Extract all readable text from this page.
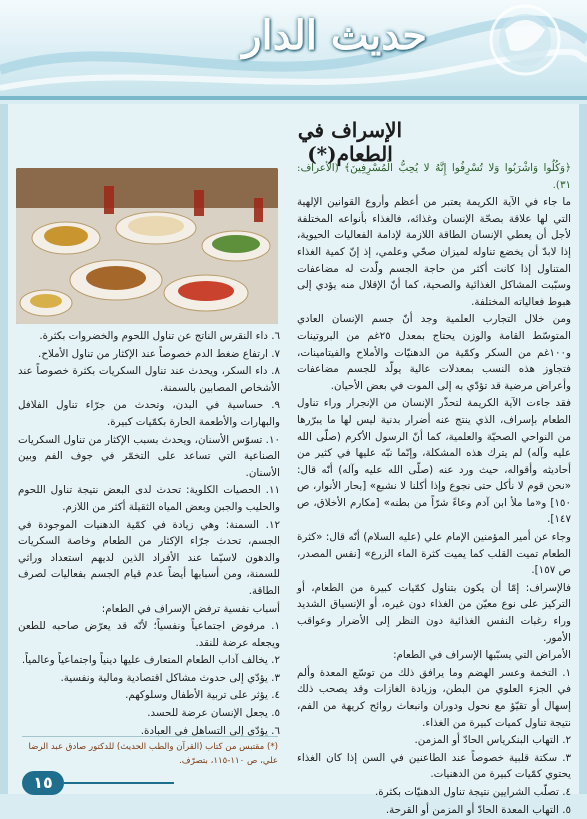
حديث الدار
الإسراف في الطعام(*)

﴿وَكُلُوا وَاشْرَبُوا وَلا تُسْرِفُوا إِنَّهُ لا يُحِبُّ الْمُسْرِفِينَ﴾ (الأعراف: ٣١).

ما جاء في الآية الكريمة يعتبر من أعظم وأروع القوانين الإلهية التي لها علاقة بصحّة الإنسان وغذائه، فالغذاء بأنواعه المختلفة لأجل أن يعطي الإنسان الطاقة اللازمة لإدامة الفعاليات الحيوية، إذا لابدّ أن يخضع تناوله لميزان صحّي وعلمي، إذ إنّ كمية الغذاء المتناول إذا كانت أكثر من حاجة الجسم ولّدت له مضاعفات وسبّبت المشاكل الغذائية والصحية، كما أنّ الإقلال منه يؤدي إلى هبوط فعالياته المختلفة.

ومن خلال التجارب العلمية وجد أنّ جسم الإنسان العادي المتوسّط القامة والوزن يحتاج بمعدل ٢٥غم من البروتينات و١٠٠غم من السكر وكمّية من الدهنيّات والأملاح والفيتامينات، فتجاوز هذه النسب بمعدلات عالية يولّد للجسم مضاعفات وأعراض مرضية قد تؤدّي به إلى الموت في بعض الأحيان.

فقد جاءت الآية الكريمة لتحذّر الإنسان من الإنجرار وراء تناول الطعام بإسراف، الذي ينتج عنه أضرار بدنية ليس لها ما يبرّرها من النواحي الصحيّة والعلمية، كما أنّ الرسول الأكرم (صلّى الله عليه وآله) لم يترك هذه المشكلة، وإنّما نبّه عليها في كثير من أحاديثه وأقواله، حيث ورد عنه (صلّى الله عليه وآله) أنّه قال: «نحن قوم لا نأكل حتى نجوع وإذا أكلنا لا نشبع» [بحار الأنوار، ص ١٥٠] و«ما ملأ ابن آدم وعاءً شرّاً من بطنه» [مكارم الأخلاق، ص ١٤٧].

وجاء عن أمير المؤمنين الإمام علي (عليه السلام) أنّه قال: «كثرة الطعام تميت القلب كما يميت كثرة الماء الزرع» [نفس المصدر، ص ١٥٧].

فالإسراف: إمّا أن يكون بتناول كمّيات كبيرة من الطعام، أو التركيز على نوع معيّن من الغذاء دون غيره، أو الإنسياق الشديد وراء رغبات النفس الغذائية دون النظر إلى الأضرار وعواقب الأمور.

الأمراض التي يسبّبها الإسراف في الطعام:

١. التخمة وعسر الهضم وما يرافق ذلك من توسّع المعدة وألم في الجزء العلوي من البطن، وزيادة الغازات وقد يصحب ذلك إسهال أو تقيّؤ مع نحول ودوران وانبعاث روائح كريهة من الفم، نتيجة تناول كميات كبيرة من الغذاء.

٢. التهاب البنكرياس الحادّ أو المزمن.

٣. سكتة قلبية خصوصاً عند الطاعنين في السن إذا كان الغذاء يحتوي كمّيات كبيرة من الدهنيات.

٤. تصلّب الشرايين نتيجة تناول الدهنيّات بكثرة.

٥. التهاب المعدة الحادّ أو المزمن أو القرحة.

٦. داء النقرس الناتج عن تناول اللحوم والخضروات بكثرة.

٧. ارتفاع ضغط الدم خصوصاً عند الإكثار من تناول الأملاح.

٨. داء السكر، ويحدث عند تناول السكريات بكثرة خصوصاً عند الأشخاص المصابين بالسمنة.

٩. حساسية في البدن، وتحدث من جرّاء تناول الفلافل والبهارات والأطعمة الحارة بكمّيات كبيرة.

١٠. تسوّس الأسنان، ويحدث بسبب الإكثار من تناول السكريات الصناعية التي تساعد على التخمّر في جوف الفم وبين الأسنان.

١١. الحصيات الكلوية: تحدث لدى البعض نتيجة تناول اللحوم والحليب والجبن وبعض المياه الثقيلة أكثر من اللازم.

١٢. السمنة: وهي زيادة في كمّية الدهنيات الموجودة في الجسم، تحدث جرّاء الإكثار من الطعام وخاصة السكريات والدهون لاسيّما عند الأفراد الذين لديهم استعداد وراثي للسمنة، ومن أسبابها أيضاً عدم قيام الجسم بفعاليات لصرف الطاقة.

أسباب نفسية ترفض الإسراف في الطعام:

١. مرفوض اجتماعياً ونفسياً؛ لأنّه قد يعرّض صاحبه للطعن ويجعله عرضة للنقد.

٢. يخالف آداب الطعام المتعارف عليها دينياً واجتماعياً وعالمياً.

٣. يؤدّي إلى حدوث مشاكل اقتصادية ومالية ونفسية.

٤. يؤثر على تربية الأطفال وسلوكهم.

٥. يجعل الإنسان عرضة للحسد.

٦. يؤدّي إلى التساهل في العبادة.

(*) مقتبس من كتاب (القرآن والطب الحديث) للدكتور صادق عبد الرضا علي، ص ١١٠-١١٥، بتصرّف.
١٥
